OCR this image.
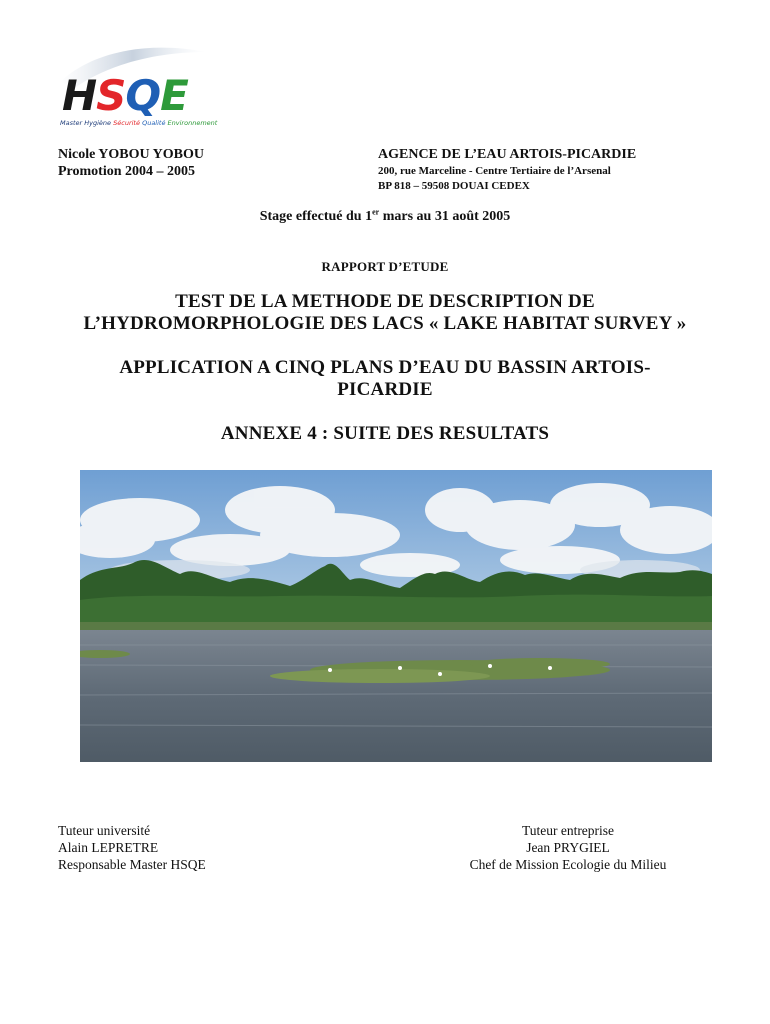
HSQE
Master Hygiène Sécurité Qualité Environnement
Nicole YOBOU YOBOU
Promotion 2004 – 2005
AGENCE DE L’EAU ARTOIS-PICARDIE
200, rue Marceline - Centre Tertiaire de l’Arsenal
BP 818 – 59508 DOUAI CEDEX
Stage effectué du 1er mars au 31 août 2005
RAPPORT D’ETUDE
TEST DE LA METHODE DE DESCRIPTION DE
L’HYDROMORPHOLOGIE DES LACS « LAKE HABITAT SURVEY »
APPLICATION A CINQ PLANS D’EAU DU BASSIN ARTOIS-
PICARDIE
ANNEXE 4 : SUITE DES RESULTATS
Tuteur université
Alain LEPRETRE
Responsable Master HSQE
Tuteur entreprise
Jean PRYGIEL
Chef de Mission Ecologie du Milieu
